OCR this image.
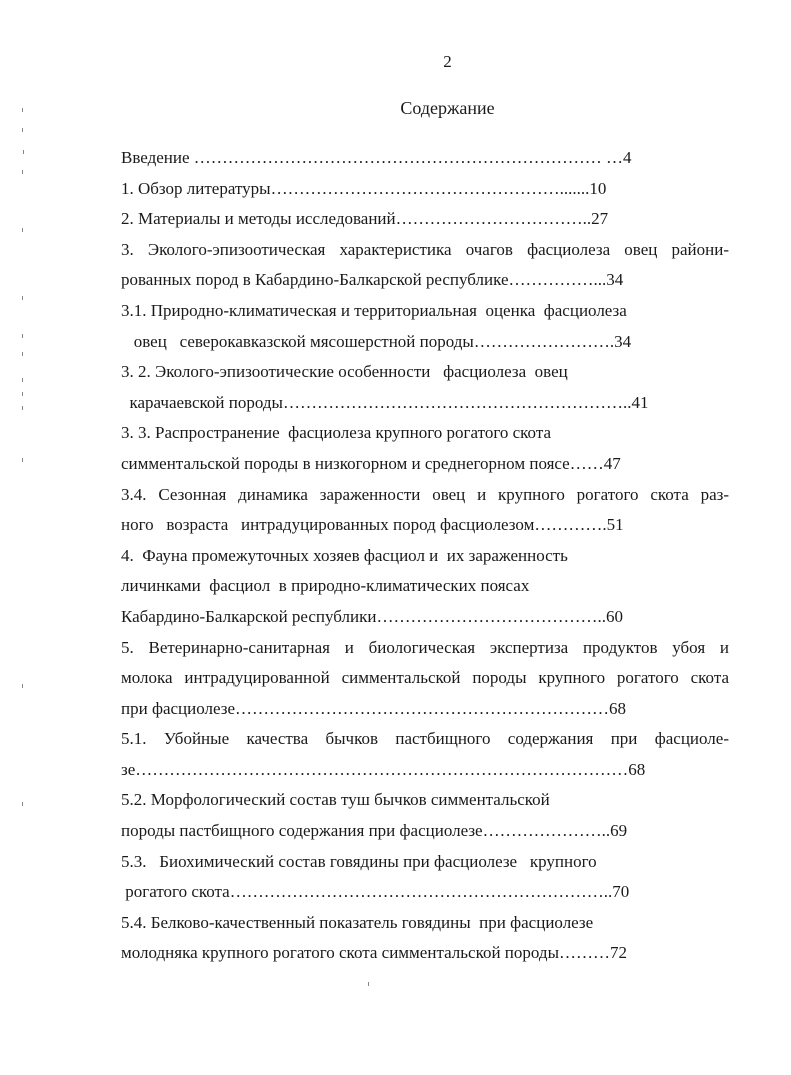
2
Содержание
Введение ……………………………………………………………… …4
1. Обзор литературы…………………………………………….......10
2. Материалы и методы исследований……………………………..27
3. Эколого-эпизоотическая характеристика очагов фасциолеза овец райони-
рованных пород в Кабардино-Балкарской республике……………...34
3.1. Природно-климатическая и территориальная  оценка  фасциолеза
овец   северокавказской мясошерстной породы…………………….34
3. 2. Эколого-эпизоотические особенности   фасциолеза  овец
карачаевской породы……………………………………………………..41
3. 3. Распространение  фасциолеза крупного рогатого скота
симментальской породы в низкогорном и среднегорном поясе……47
3.4. Сезонная динамика зараженности овец и крупного рогатого скота раз-
ного   возраста   интрадуцированных пород фасциолезом………….51
4.  Фауна промежуточных хозяев фасциол и  их зараженность
личинками  фасциол  в природно-климатических поясах
Кабардино-Балкарской республики…………………………………..60
5. Ветеринарно-санитарная и биологическая экспертиза продуктов убоя и
молока интрадуцированной симментальской породы крупного рогатого скота
при фасциолезе…………………………………………………………68
5.1. Убойные качества бычков пастбищного содержания при фасциоле-
зе……………………………………………………………………………68
5.2. Морфологический состав туш бычков симментальской
породы пастбищного содержания при фасциолезе…………………..69
5.3.   Биохимический состав говядины при фасциолезе   крупного
рогатого скота…………………………………………………………..70
5.4. Белково-качественный показатель говядины  при фасциолезе
молодняка крупного рогатого скота симментальской породы………72
